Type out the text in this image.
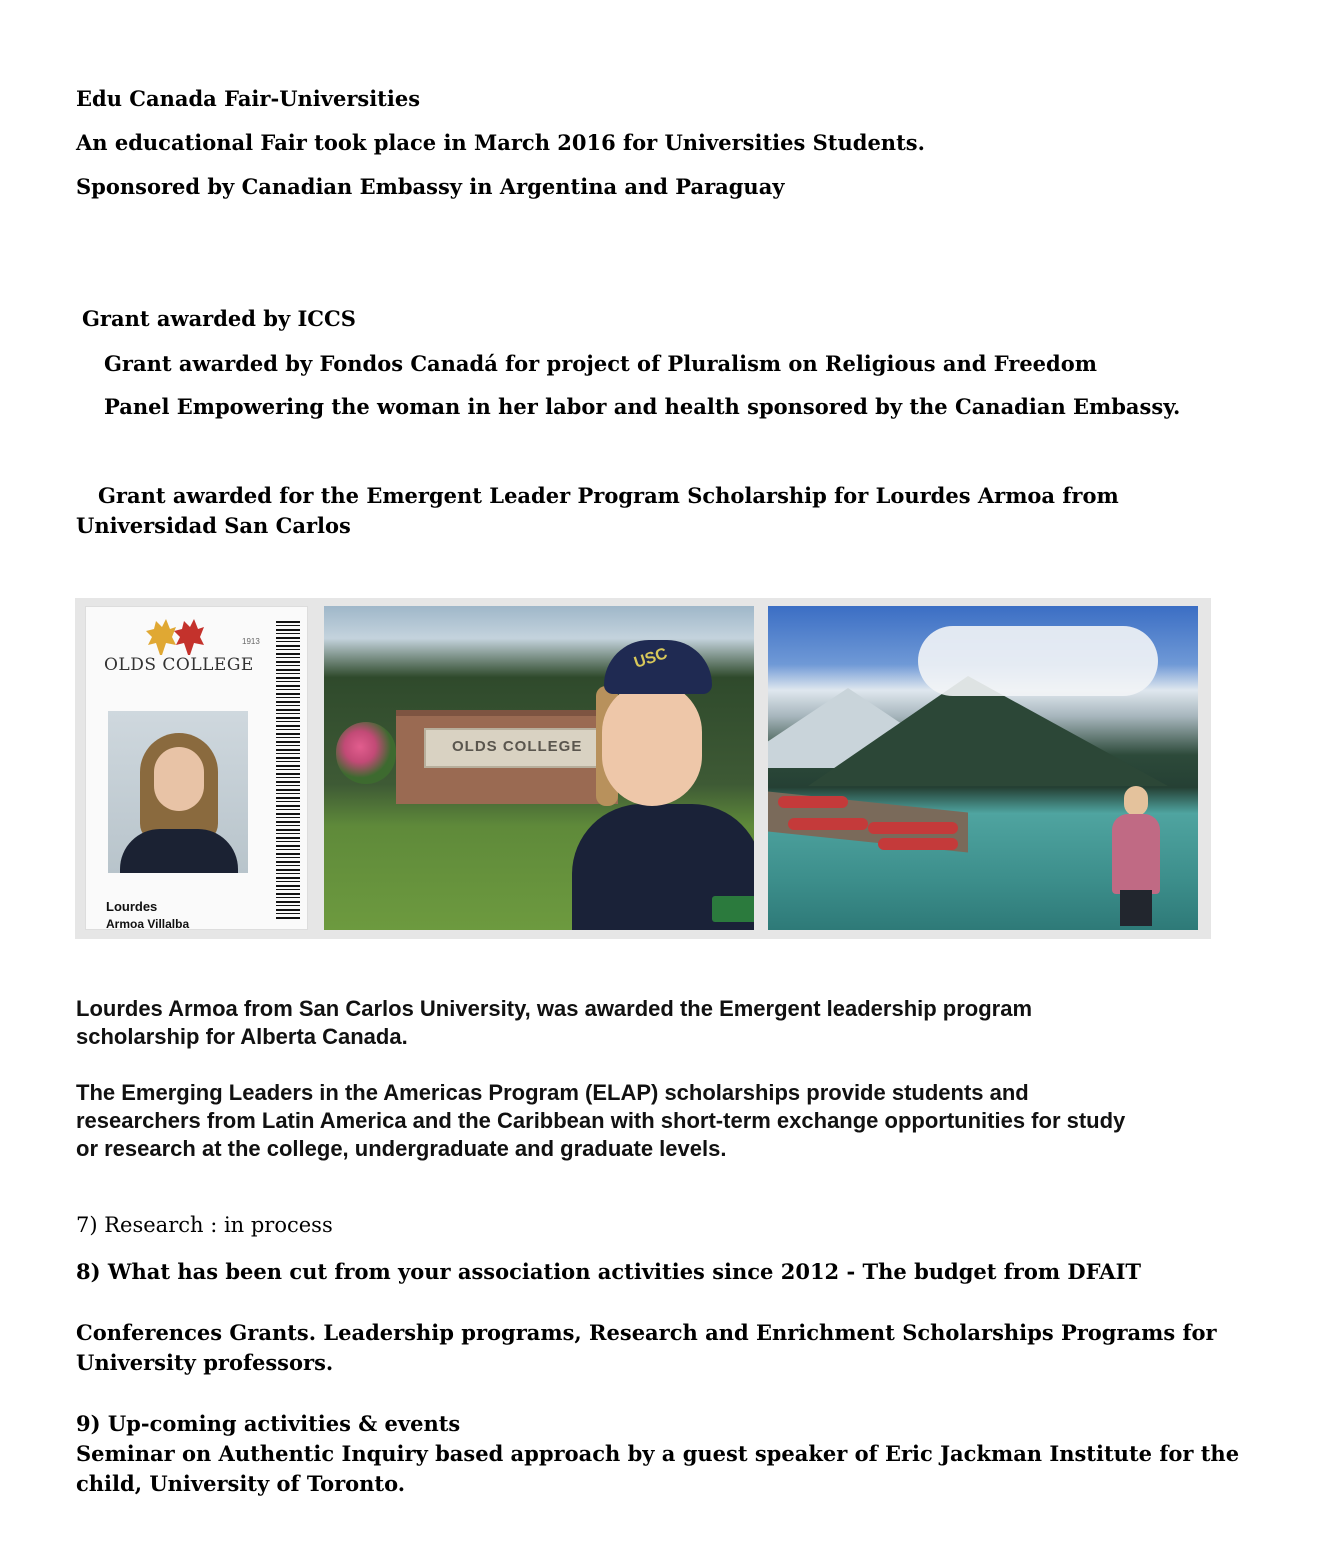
Edu Canada Fair-Universities

An educational Fair took place in March 2016 for Universities Students.

Sponsored by Canadian Embassy in Argentina and Paraguay

Grant awarded by ICCS

Grant awarded by Fondos Canadá for project of Pluralism on Religious and Freedom

Panel Empowering the woman in her labor and health sponsored by the Canadian Embassy.

Grant awarded for the Emergent Leader Program Scholarship for Lourdes Armoa from

Universidad San Carlos

1913
OLDS COLLEGE
Lourdes
Armoa Villalba
OLDS COLLEGE
USC

Lourdes Armoa from San Carlos University, was awarded the Emergent leadership program

scholarship for Alberta Canada.

The Emerging Leaders in the Americas Program (ELAP) scholarships provide students and

researchers from Latin America and the Caribbean with short-term exchange opportunities for study

or research at the college, undergraduate and graduate levels.

7) Research : in process

8) What has been cut from your association activities since 2012 - The budget from DFAIT

Conferences Grants. Leadership programs, Research and Enrichment Scholarships Programs for

University professors.

9) Up-coming activities & events

Seminar on Authentic Inquiry based approach by a guest speaker of Eric Jackman Institute for the

child, University of Toronto.
